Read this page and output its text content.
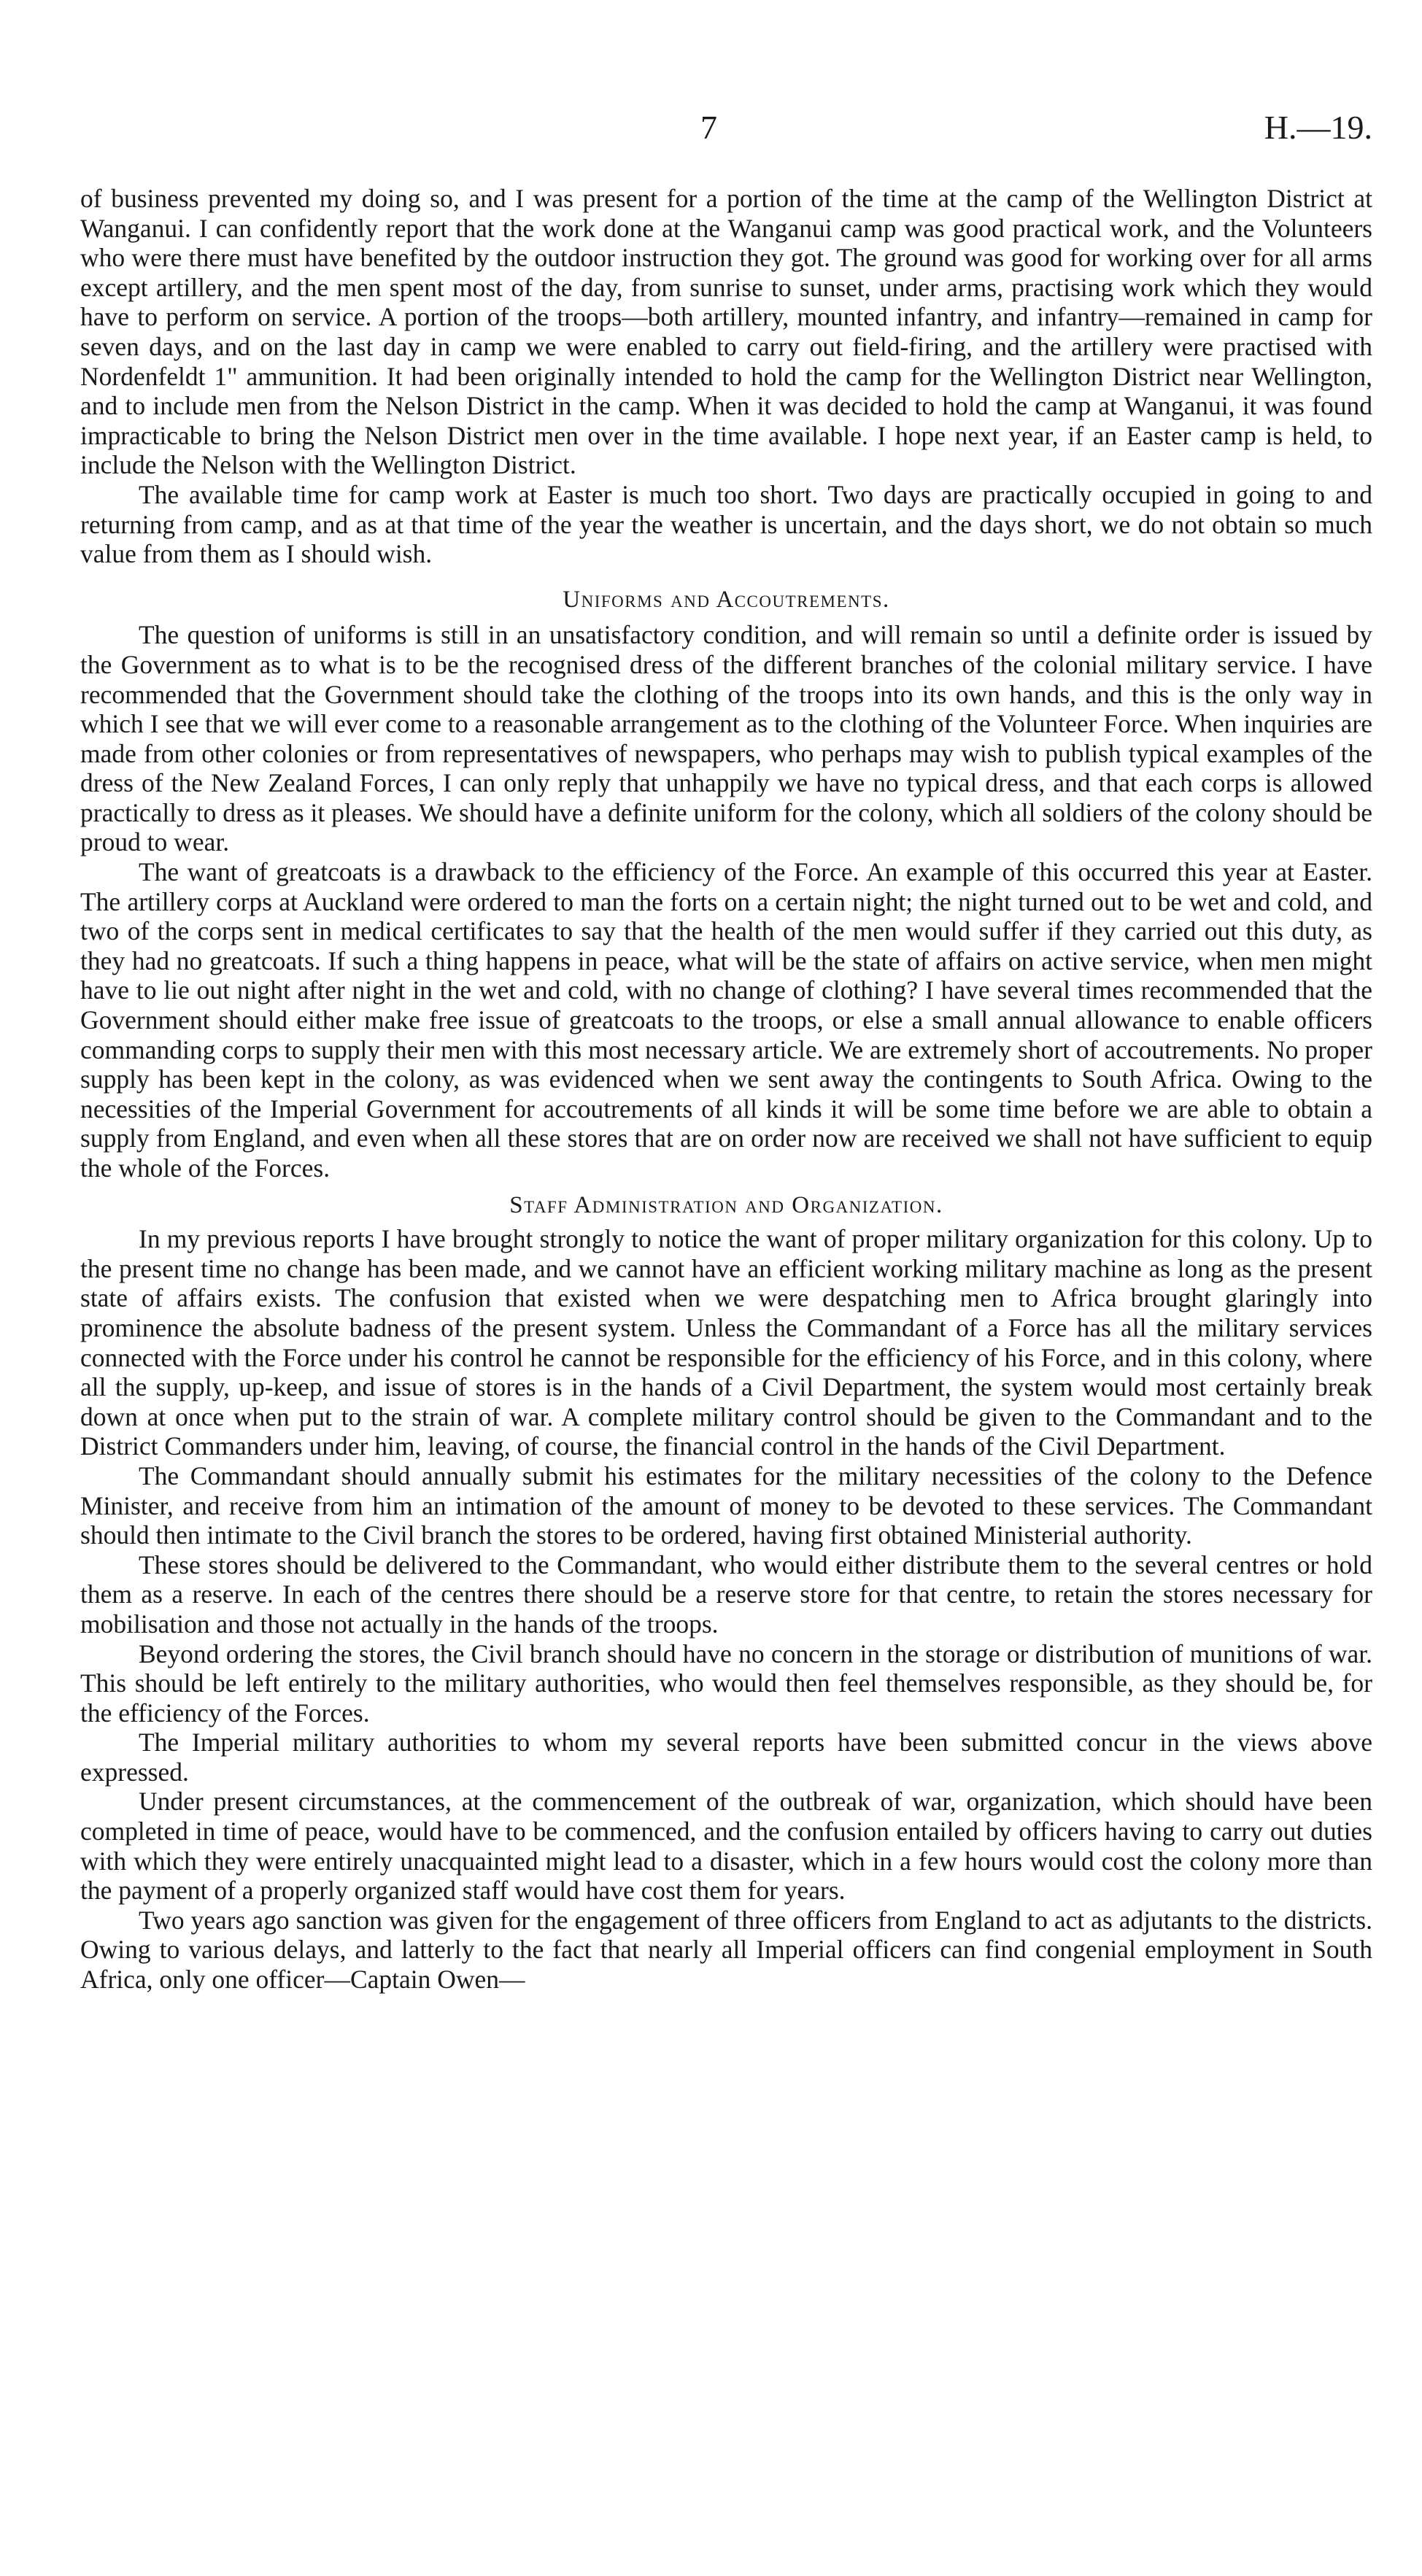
7	H.—19.

of business prevented my doing so, and I was present for a portion of the time at the camp of the Wellington District at Wanganui. I can confidently report that the work done at the Wanganui camp was good practical work, and the Volunteers who were there must have benefited by the outdoor instruction they got. The ground was good for working over for all arms except artillery, and the men spent most of the day, from sunrise to sunset, under arms, practising work which they would have to perform on service. A portion of the troops—both artillery, mounted infantry, and infantry—remained in camp for seven days, and on the last day in camp we were enabled to carry out field-firing, and the artillery were practised with Nordenfeldt 1" ammunition. It had been originally intended to hold the camp for the Wellington District near Wellington, and to include men from the Nelson District in the camp. When it was decided to hold the camp at Wanganui, it was found impracticable to bring the Nelson District men over in the time available. I hope next year, if an Easter camp is held, to include the Nelson with the Wellington District.

The available time for camp work at Easter is much too short. Two days are practically occupied in going to and returning from camp, and as at that time of the year the weather is uncertain, and the days short, we do not obtain so much value from them as I should wish.

Uniforms and Accoutrements.

The question of uniforms is still in an unsatisfactory condition, and will remain so until a definite order is issued by the Government as to what is to be the recognised dress of the different branches of the colonial military service. I have recommended that the Government should take the clothing of the troops into its own hands, and this is the only way in which I see that we will ever come to a reasonable arrangement as to the clothing of the Volunteer Force. When inquiries are made from other colonies or from representatives of newspapers, who perhaps may wish to publish typical examples of the dress of the New Zealand Forces, I can only reply that unhappily we have no typical dress, and that each corps is allowed practically to dress as it pleases. We should have a definite uniform for the colony, which all soldiers of the colony should be proud to wear.

The want of greatcoats is a drawback to the efficiency of the Force. An example of this occurred this year at Easter. The artillery corps at Auckland were ordered to man the forts on a certain night; the night turned out to be wet and cold, and two of the corps sent in medical certificates to say that the health of the men would suffer if they carried out this duty, as they had no greatcoats. If such a thing happens in peace, what will be the state of affairs on active service, when men might have to lie out night after night in the wet and cold, with no change of clothing? I have several times recommended that the Government should either make free issue of greatcoats to the troops, or else a small annual allowance to enable officers commanding corps to supply their men with this most necessary article. We are extremely short of accoutrements. No proper supply has been kept in the colony, as was evidenced when we sent away the contingents to South Africa. Owing to the necessities of the Imperial Government for accoutrements of all kinds it will be some time before we are able to obtain a supply from England, and even when all these stores that are on order now are received we shall not have sufficient to equip the whole of the Forces.

Staff Administration and Organization.

In my previous reports I have brought strongly to notice the want of proper military organization for this colony. Up to the present time no change has been made, and we cannot have an efficient working military machine as long as the present state of affairs exists. The confusion that existed when we were despatching men to Africa brought glaringly into prominence the absolute badness of the present system. Unless the Commandant of a Force has all the military services connected with the Force under his control he cannot be responsible for the efficiency of his Force, and in this colony, where all the supply, up-keep, and issue of stores is in the hands of a Civil Department, the system would most certainly break down at once when put to the strain of war. A complete military control should be given to the Commandant and to the District Commanders under him, leaving, of course, the financial control in the hands of the Civil Department.

The Commandant should annually submit his estimates for the military necessities of the colony to the Defence Minister, and receive from him an intimation of the amount of money to be devoted to these services. The Commandant should then intimate to the Civil branch the stores to be ordered, having first obtained Ministerial authority.

These stores should be delivered to the Commandant, who would either distribute them to the several centres or hold them as a reserve. In each of the centres there should be a reserve store for that centre, to retain the stores necessary for mobilisation and those not actually in the hands of the troops.

Beyond ordering the stores, the Civil branch should have no concern in the storage or distribution of munitions of war. This should be left entirely to the military authorities, who would then feel themselves responsible, as they should be, for the efficiency of the Forces.

The Imperial military authorities to whom my several reports have been submitted concur in the views above expressed.

Under present circumstances, at the commencement of the outbreak of war, organization, which should have been completed in time of peace, would have to be commenced, and the confusion entailed by officers having to carry out duties with which they were entirely unacquainted might lead to a disaster, which in a few hours would cost the colony more than the payment of a properly organized staff would have cost them for years.

Two years ago sanction was given for the engagement of three officers from England to act as adjutants to the districts. Owing to various delays, and latterly to the fact that nearly all Imperial officers can find congenial employment in South Africa, only one officer—Captain Owen—
